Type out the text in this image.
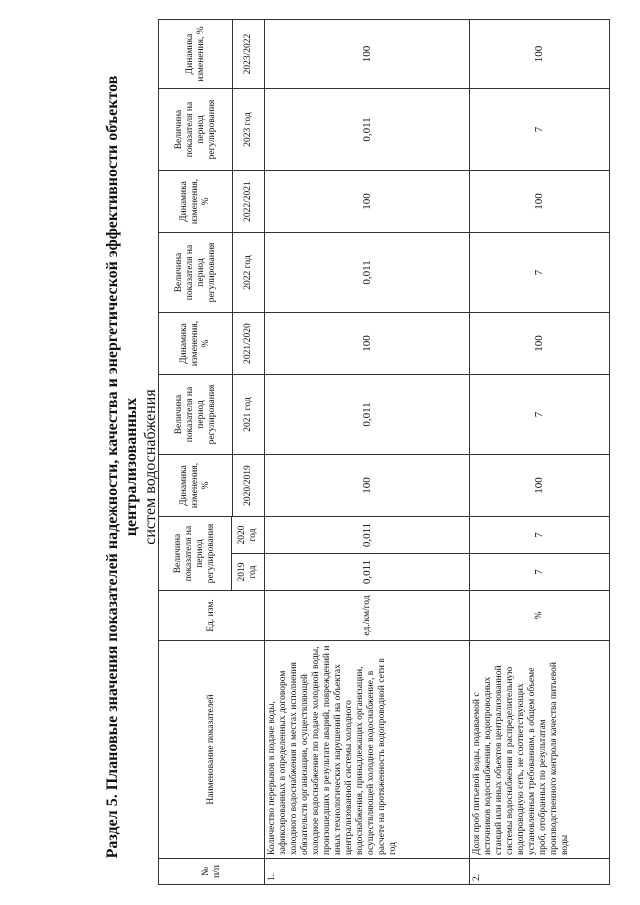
Раздел 5. Плановые значения показателей надежности, качества и энергетической эффективности объектов централизованных систем водоснабжения
№ п/п	Наименование показателей	Ед. изм.	Величина показателя на период регулирования		Динамика изменения, %	Величина показателя на период регулирования	Динамика изменения, %	Величина показателя на период регулирования	Динамика изменения, %	Величина показателя на период регулирования	Динамика изменения, %
			2019 год	2020 год							
					2020/2019	2021 год	2021/2020	2022 год	2022/2021	2023 год	2023/2022
1.	Количество перерывов в подаче воды, зафиксированных в определенных договором холодного водоснабжения в местах исполнения обязательств организации, осуществляющей холодное водоснабжение по подаче холодной воды, произошедших в результате аварий, повреждений и иных технологических нарушений на объектах централизованной системы холодного водоснабжения, принадлежащих организации, осуществляющей холодное водоснабжение, в расчете на протяженность водопроводной сети в год	ед./км/год	0,011	0,011	100	0,011	100	0,011	100	0,011	100
2.	Доля проб питьевой воды, подаваемой с источников водоснабжения, водопроводных станций или иных объектов централизованной системы водоснабжения в распределительную водопроводную сеть, не соответствующих установленным требованиям, в общем объеме проб, отобранных по результатам производственного контроля качества питьевой воды	%	7	7	100	7	100	7	100	7	100
